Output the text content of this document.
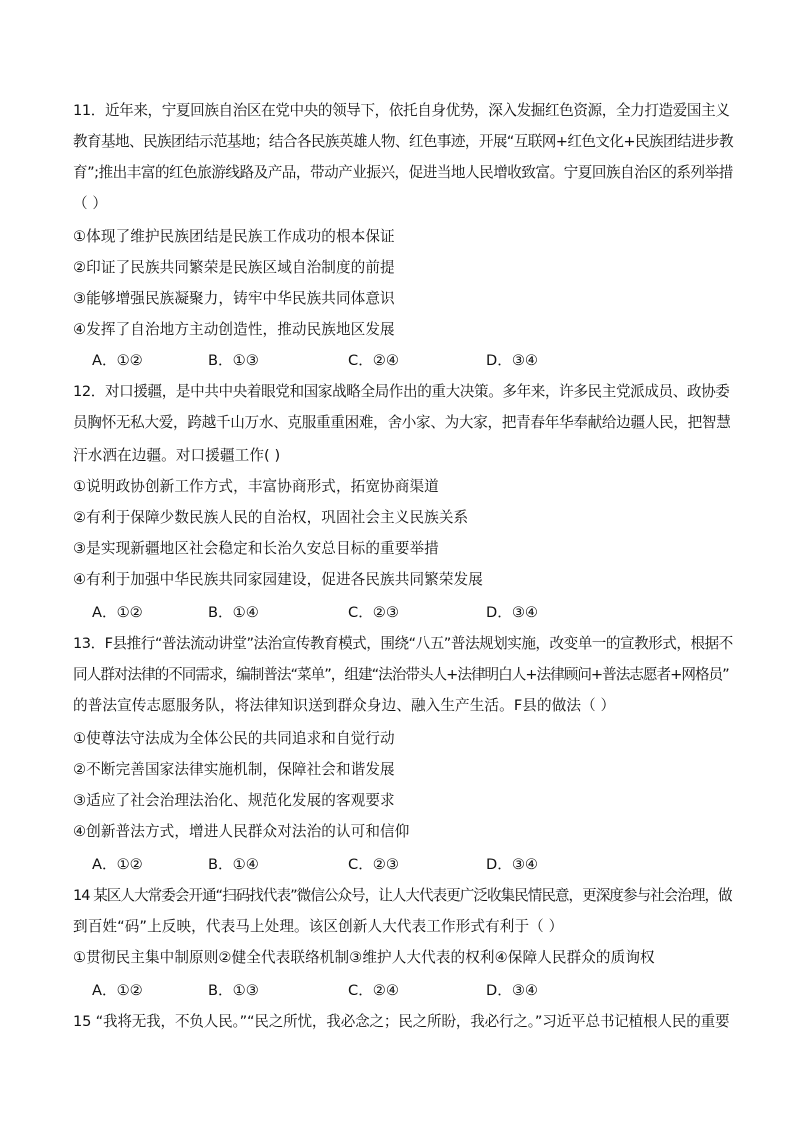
11．近年来，宁夏回族自治区在党中央的领导下，依托自身优势，深入发掘红色资源，全力打造爱国主义
教育基地、民族团结示范基地；结合各民族英雄人物、红色事迹，开展“互联网+红色文化+民族团结进步教
育”;推出丰富的红色旅游线路及产品，带动产业振兴，促进当地人民增收致富。宁夏回族自治区的系列举措
（ ）
①体现了维护民族团结是民族工作成功的根本保证
②印证了民族共同繁荣是民族区域自治制度的前提
③能够增强民族凝聚力，铸牢中华民族共同体意识
④发挥了自治地方主动创造性，推动民族地区发展
A．①②	B．①③	C．②④	D．③④
12．对口援疆，是中共中央着眼党和国家战略全局作出的重大决策。多年来，许多民主党派成员、政协委
员胸怀无私大爱，跨越千山万水、克服重重困难，舍小家、为大家，把青春年华奉献给边疆人民，把智慧
汗水洒在边疆。对口援疆工作( )
①说明政协创新工作方式，丰富协商形式，拓宽协商渠道
②有利于保障少数民族人民的自治权，巩固社会主义民族关系
③是实现新疆地区社会稳定和长治久安总目标的重要举措
④有利于加强中华民族共同家园建设，促进各民族共同繁荣发展
A．①②	B．①④	C．②③	D．③④
13．F县推行“普法流动讲堂”法治宣传教育模式，围绕“八五”普法规划实施，改变单一的宣教形式，根据不
同人群对法律的不同需求，编制普法“菜单”，组建“法治带头人+法律明白人+法律顾问+普法志愿者+网格员”
的普法宣传志愿服务队，将法律知识送到群众身边、融入生产生活。F县的做法（ ）
①使尊法守法成为全体公民的共同追求和自觉行动
②不断完善国家法律实施机制，保障社会和谐发展
③适应了社会治理法治化、规范化发展的客观要求
④创新普法方式，增进人民群众对法治的认可和信仰
A．①②	B．①④	C．②③	D．③④
14 某区人大常委会开通“扫码找代表”微信公众号，让人大代表更广泛收集民情民意，更深度参与社会治理，做
到百姓“码”上反映，代表马上处理。该区创新人大代表工作形式有利于（ ）
①贯彻民主集中制原则②健全代表联络机制③维护人大代表的权利④保障人民群众的质询权
A．①②	B．①③	C．②④	D．③④
15 “我将无我，不负人民。”“民之所忧，我必念之；民之所盼，我必行之。”习近平总书记植根人民的重要
